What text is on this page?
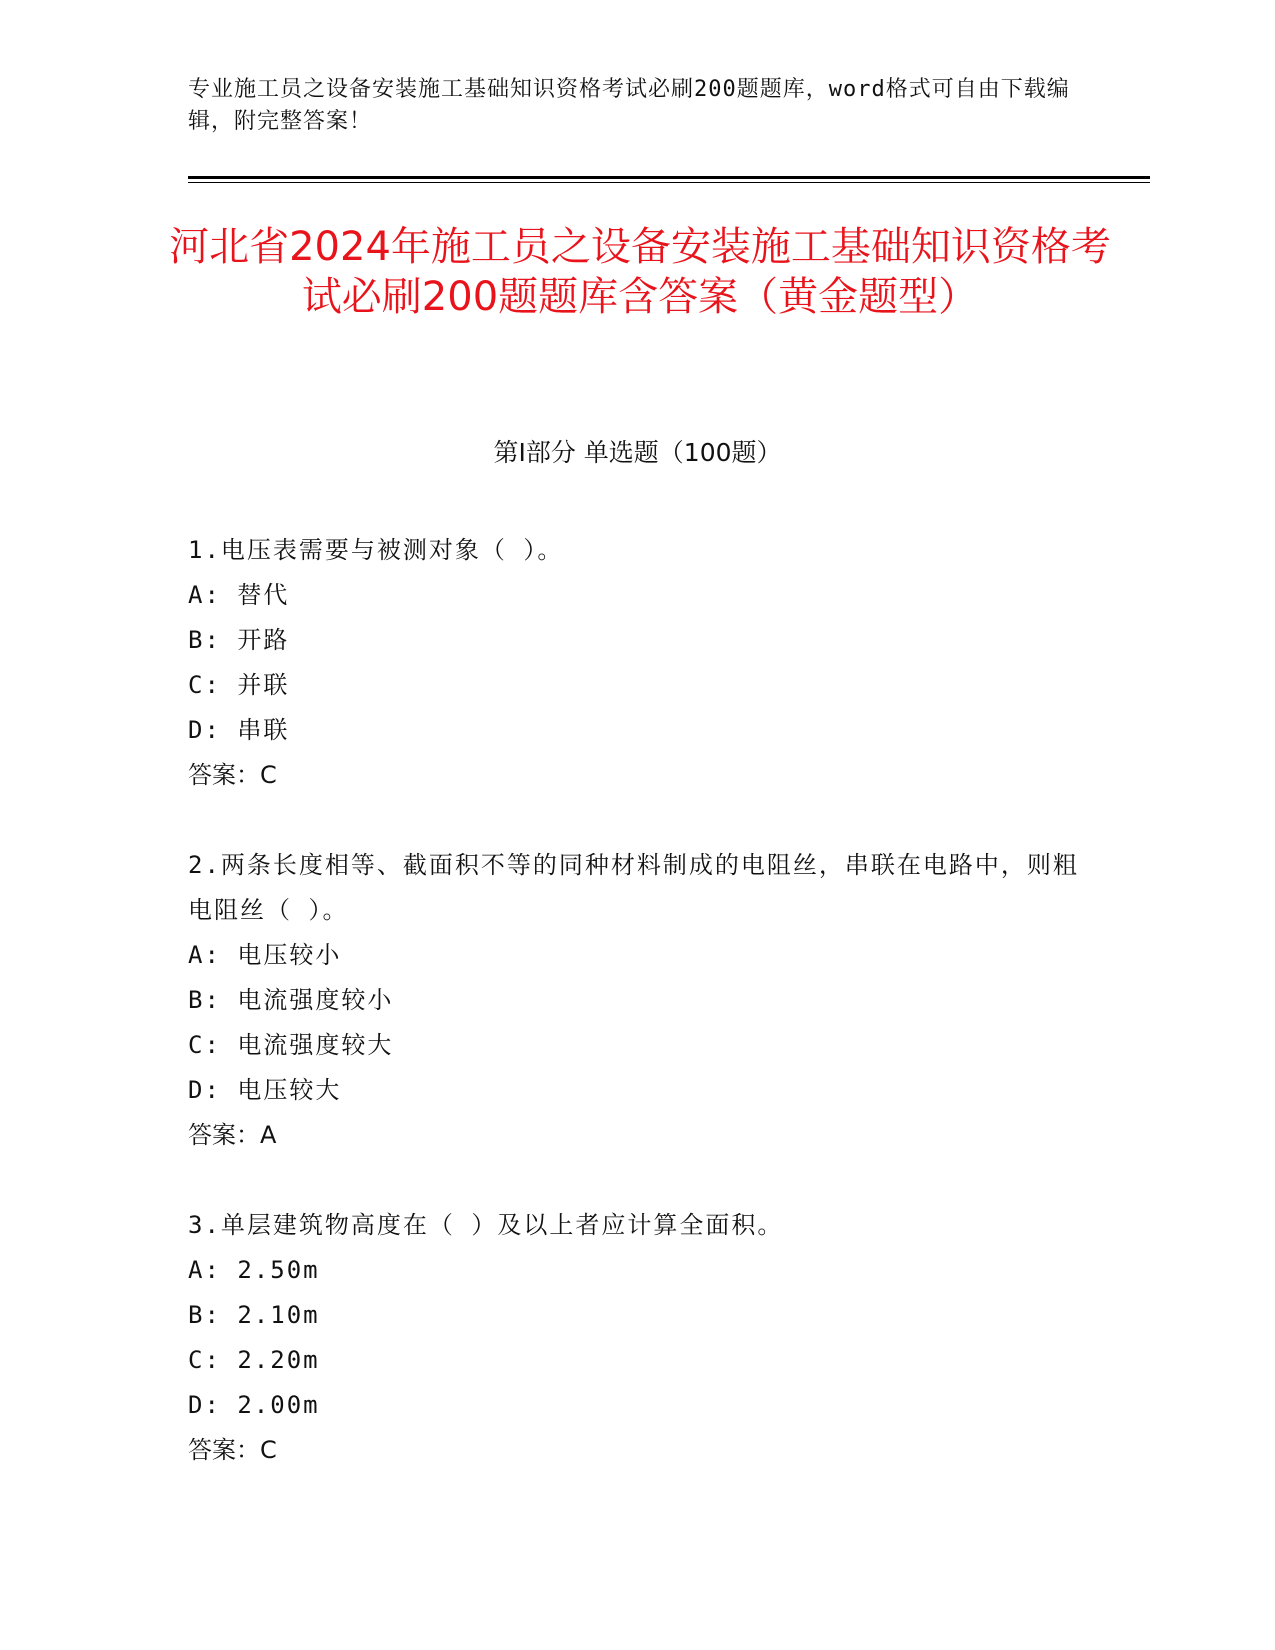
专业施工员之设备安装施工基础知识资格考试必刷200题题库，word格式可自由下载编辑，附完整答案！
河北省2024年施工员之设备安装施工基础知识资格考试必刷200题题库含答案（黄金题型）
第Ⅰ部分 单选题（100题）
1.电压表需要与被测对象（ ）。
A: 替代
B: 开路
C: 并联
D: 串联
答案：C
2.两条长度相等、截面积不等的同种材料制成的电阻丝，串联在电路中，则粗电阻丝（ ）。
A: 电压较小
B: 电流强度较小
C: 电流强度较大
D: 电压较大
答案：A
3.单层建筑物高度在（ ）及以上者应计算全面积。
A: 2.50m
B: 2.10m
C: 2.20m
D: 2.00m
答案：C
